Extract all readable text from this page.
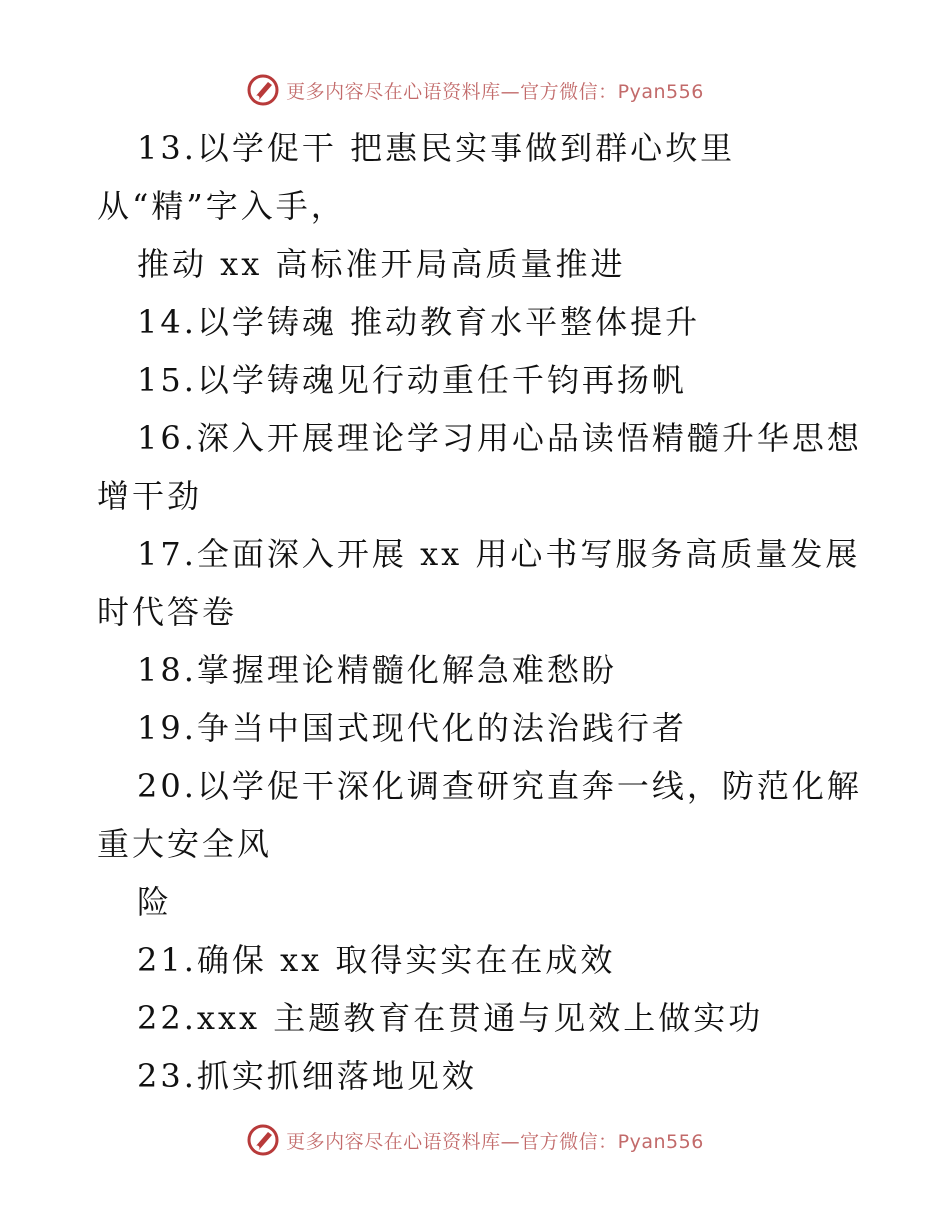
更多内容尽在心语资料库—官方微信：Pyan556
13.以学促干 把惠民实事做到群心坎里
从“精”字入手，
推动 xx 高标准开局高质量推进
14.以学铸魂 推动教育水平整体提升
15.以学铸魂见行动重任千钧再扬帆
16.深入开展理论学习用心品读悟精髓升华思想
增干劲
17.全面深入开展 xx 用心书写服务高质量发展
时代答卷
18.掌握理论精髓化解急难愁盼
19.争当中国式现代化的法治践行者
20.以学促干深化调查研究直奔一线，防范化解
重大安全风
险
21.确保 xx 取得实实在在成效
22.xxx 主题教育在贯通与见效上做实功
23.抓实抓细落地见效
更多内容尽在心语资料库—官方微信：Pyan556
